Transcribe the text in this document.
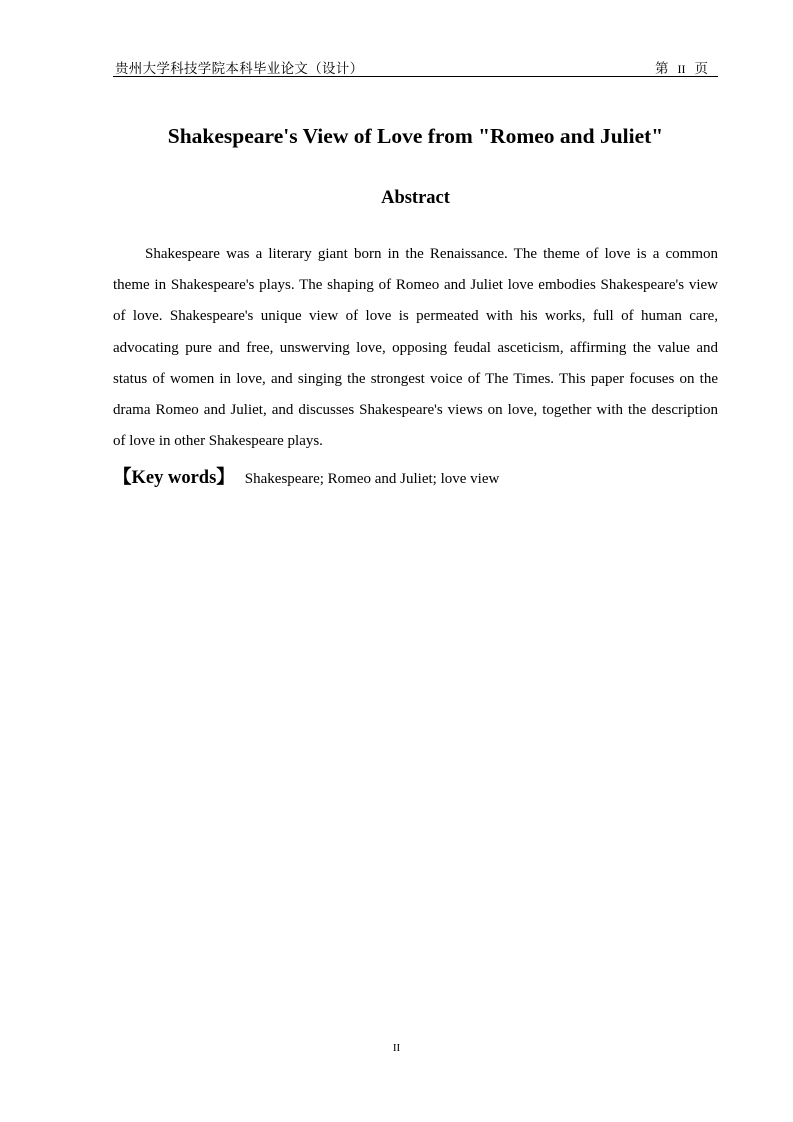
贵州大学科技学院本科毕业论文（设计）	第 II 页
Shakespeare's View of Love from "Romeo and Juliet"
Abstract

Shakespeare was a literary giant born in the Renaissance. The theme of love is a common theme in Shakespeare's plays. The shaping of Romeo and Juliet love embodies Shakespeare's view of love. Shakespeare's unique view of love is permeated with his works, full of human care, advocating pure and free, unswerving love, opposing feudal asceticism, affirming the value and status of women in love, and singing the strongest voice of The Times. This paper focuses on the drama Romeo and Juliet, and discusses Shakespeare's views on love, together with the description of love in other Shakespeare plays.

【Key words】 Shakespeare; Romeo and Juliet; love view
II
